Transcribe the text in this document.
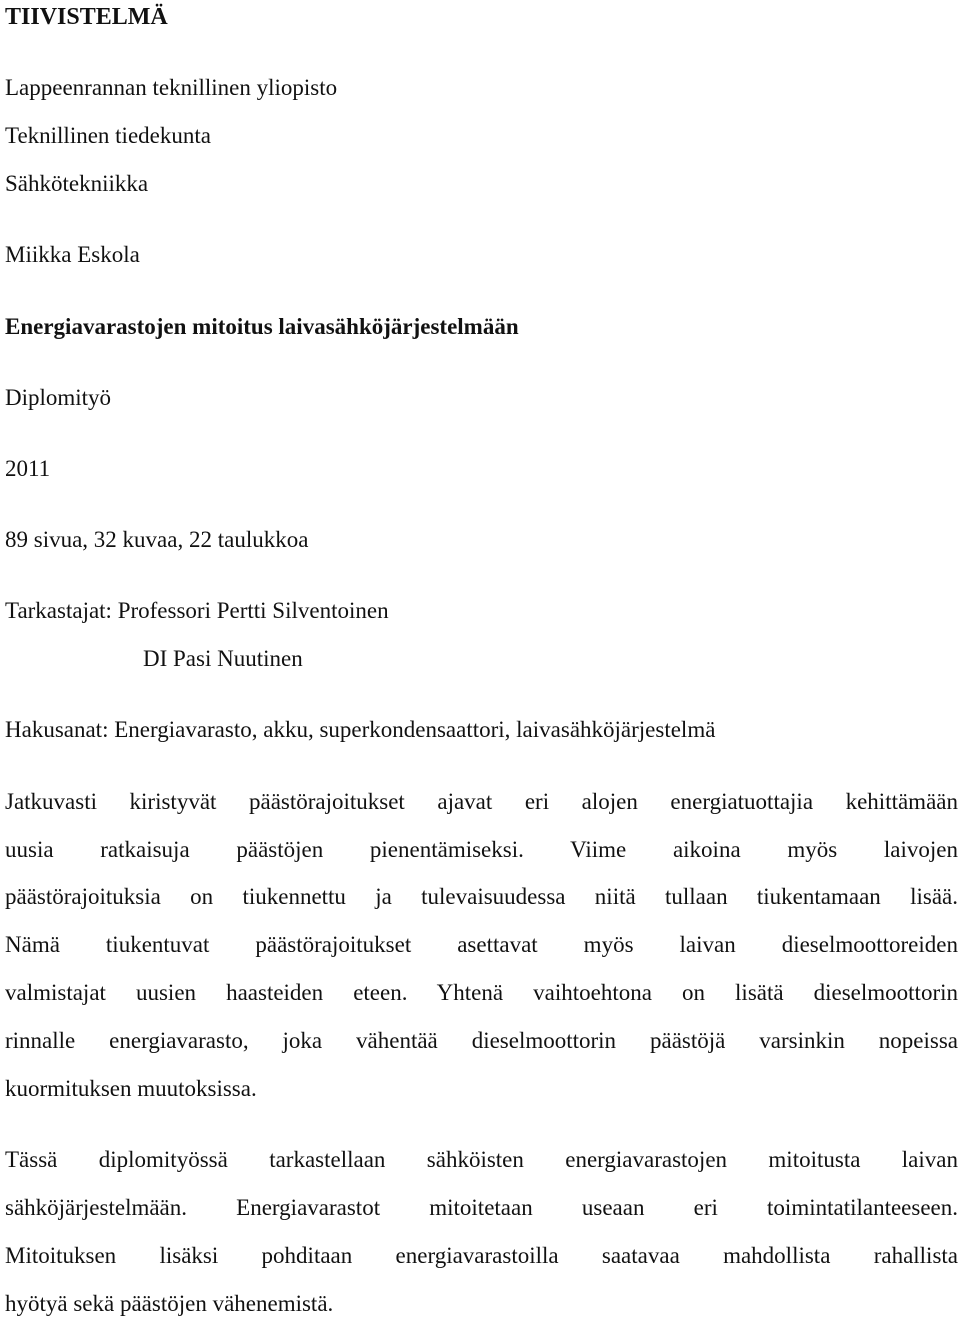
TIIVISTELMÄ
Lappeenrannan teknillinen yliopisto
Teknillinen tiedekunta
Sähkötekniikka
Miikka Eskola
Energiavarastojen mitoitus laivasähköjärjestelmään
Diplomityö
2011
89 sivua, 32 kuvaa, 22 taulukkoa
Tarkastajat: Professori Pertti Silventoinen
DI Pasi Nuutinen
Hakusanat: Energiavarasto, akku, superkondensaattori, laivasähköjärjestelmä
Jatkuvasti kiristyvät päästörajoitukset ajavat eri alojen energiatuottajia kehittämään
uusia ratkaisuja päästöjen pienentämiseksi. Viime aikoina myös laivojen
päästörajoituksia on tiukennettu ja tulevaisuudessa niitä tullaan tiukentamaan lisää.
Nämä tiukentuvat päästörajoitukset asettavat myös laivan dieselmoottoreiden
valmistajat uusien haasteiden eteen. Yhtenä vaihtoehtona on lisätä dieselmoottorin
rinnalle energiavarasto, joka vähentää dieselmoottorin päästöjä varsinkin nopeissa
kuormituksen muutoksissa.
Tässä diplomityössä tarkastellaan sähköisten energiavarastojen mitoitusta laivan
sähköjärjestelmään. Energiavarastot mitoitetaan useaan eri toimintatilanteeseen.
Mitoituksen lisäksi pohditaan energiavarastoilla saatavaa mahdollista rahallista
hyötyä sekä päästöjen vähenemistä.
